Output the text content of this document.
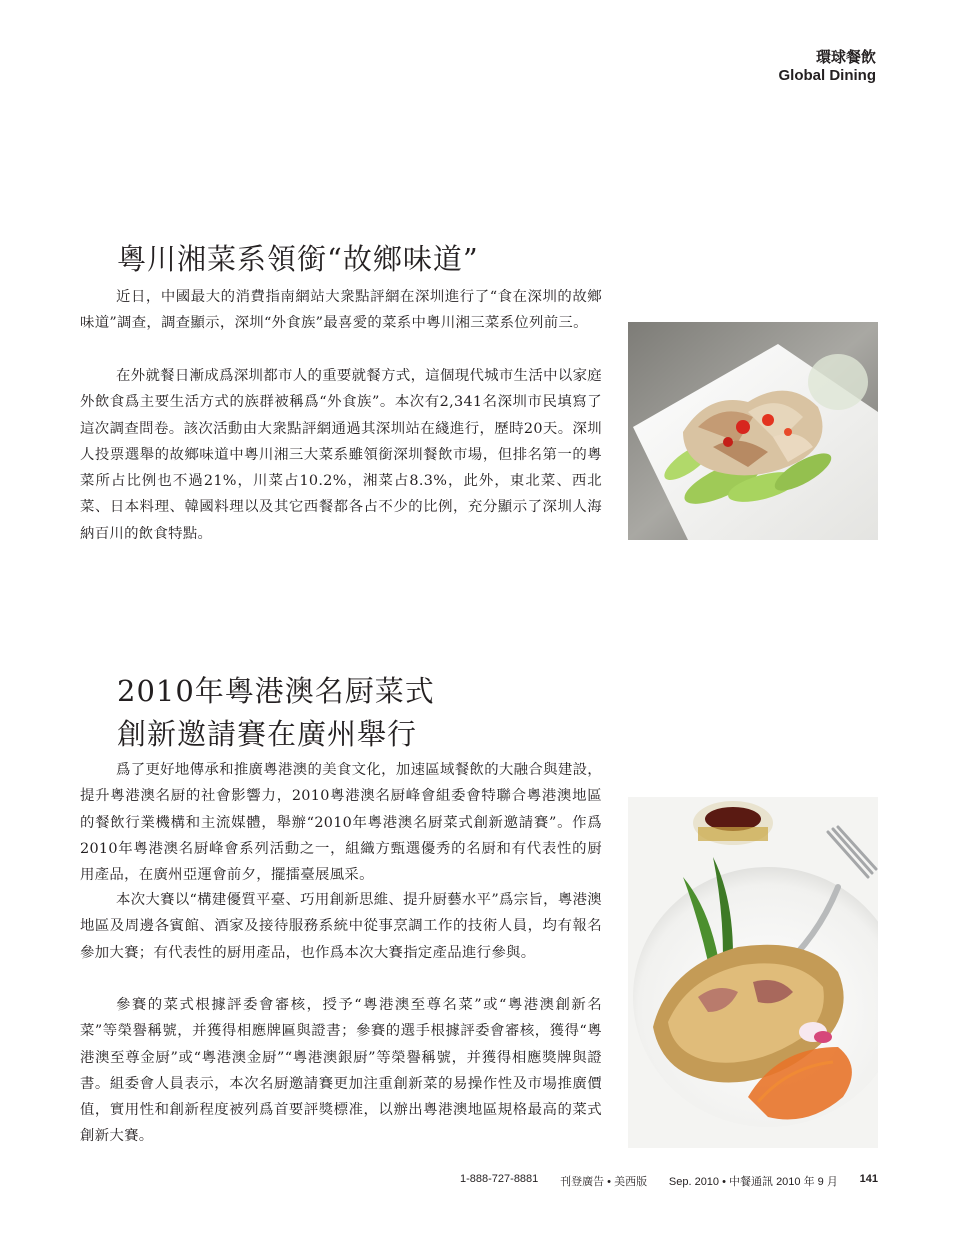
環球餐飲
Global Dining
粵川湘菜系領銜“故鄉味道”

近日，中國最大的消費指南網站大衆點評網在深圳進行了“食在深圳的故鄉味道”調查，調查顯示，深圳“外食族”最喜愛的菜系中粵川湘三菜系位列前三。

在外就餐日漸成爲深圳都市人的重要就餐方式，這個現代城市生活中以家庭外飲食爲主要生活方式的族群被稱爲“外食族”。本次有2,341名深圳市民填寫了這次調查問卷。該次活動由大衆點評網通過其深圳站在綫進行，歷時20天。深圳人投票選舉的故鄉味道中粵川湘三大菜系雖領銜深圳餐飲市場，但排名第一的粵菜所占比例也不過21%，川菜占10.2%，湘菜占8.3%，此外，東北菜、西北菜、日本料理、韓國料理以及其它西餐都各占不少的比例，充分顯示了深圳人海納百川的飲食特點。

2010年粵港澳名厨菜式
創新邀請賽在廣州舉行

爲了更好地傳承和推廣粵港澳的美食文化，加速區域餐飲的大融合與建設，提升粵港澳名厨的社會影響力，2010粵港澳名厨峰會組委會特聯合粵港澳地區的餐飲行業機構和主流媒體，舉辦“2010年粵港澳名厨菜式創新邀請賽”。作爲2010年粵港澳名厨峰會系列活動之一，組織方甄選優秀的名厨和有代表性的厨用產品，在廣州亞運會前夕，擺擂臺展風采。

本次大賽以“構建優質平臺、巧用創新思維、提升厨藝水平”爲宗旨，粵港澳地區及周邊各賓館、酒家及接待服務系統中從事烹調工作的技術人員，均有報名參加大賽；有代表性的厨用產品，也作爲本次大賽指定產品進行參與。

參賽的菜式根據評委會審核，授予“粵港澳至尊名菜”或“粵港澳創新名菜”等榮譽稱號，并獲得相應牌匾與證書；參賽的選手根據評委會審核，獲得“粵港澳至尊金厨”或“粵港澳金厨”“粵港澳銀厨”等榮譽稱號，并獲得相應獎牌與證書。組委會人員表示，本次名厨邀請賽更加注重創新菜的易操作性及市場推廣價值，實用性和創新程度被列爲首要評獎標准，以辦出粵港澳地區規格最高的菜式創新大賽。

1-888-727-8881 刊登廣告 • 美西版 Sep. 2010 • 中餐通訊 2010 年 9 月 141
